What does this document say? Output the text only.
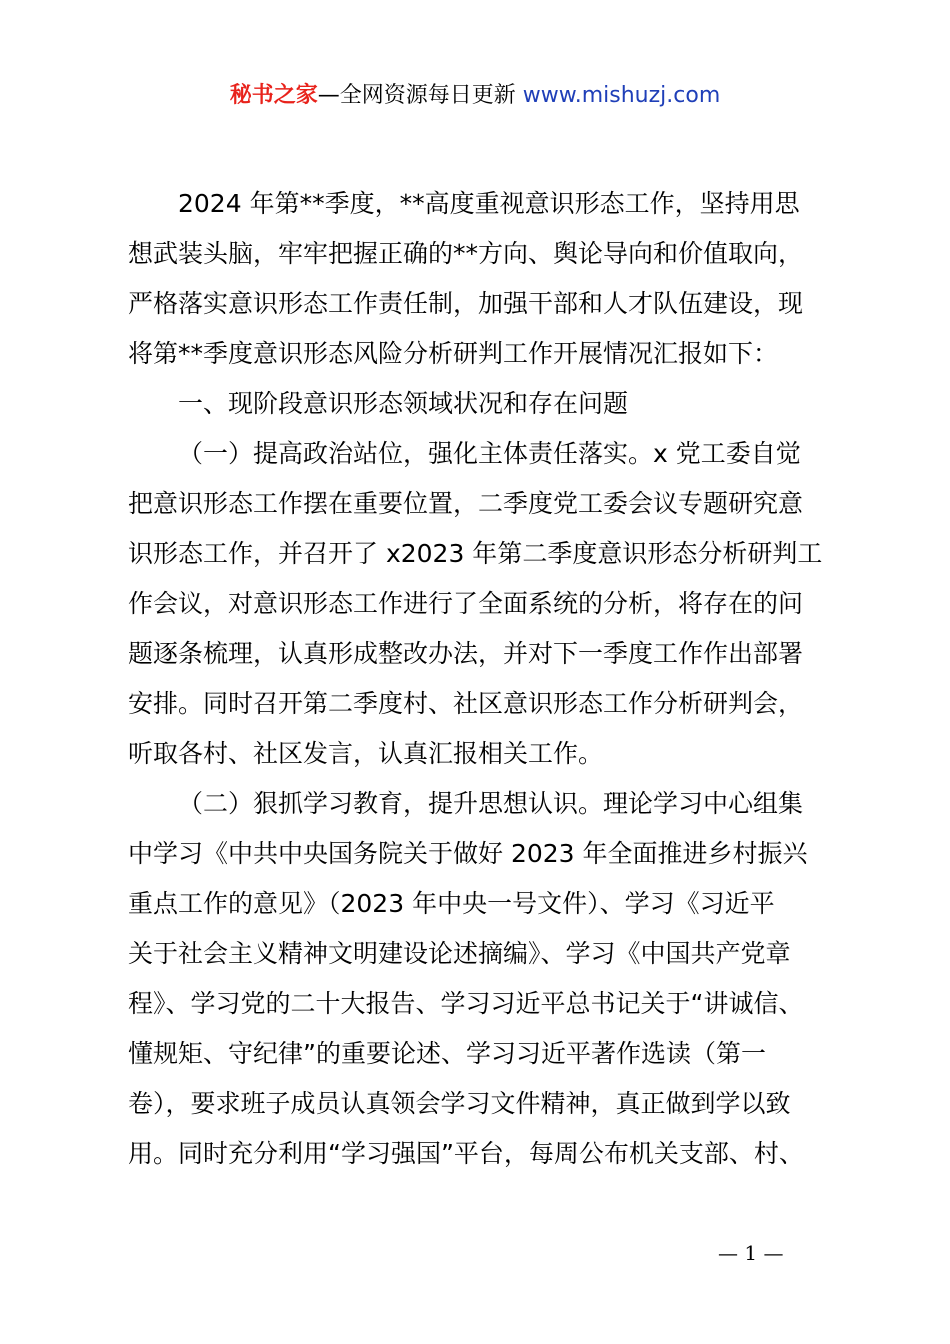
秘书之家—全网资源每日更新 www.mishuzj.com
2024 年第**季度，**高度重视意识形态工作，坚持用思
想武装头脑，牢牢把握正确的**方向、舆论导向和价值取向，
严格落实意识形态工作责任制，加强干部和人才队伍建设，现
将第**季度意识形态风险分析研判工作开展情况汇报如下：
一、现阶段意识形态领域状况和存在问题
（一）提高政治站位，强化主体责任落实。x 党工委自觉
把意识形态工作摆在重要位置，二季度党工委会议专题研究意
识形态工作，并召开了 x2023 年第二季度意识形态分析研判工
作会议，对意识形态工作进行了全面系统的分析，将存在的问
题逐条梳理，认真形成整改办法，并对下一季度工作作出部署
安排。同时召开第二季度村、社区意识形态工作分析研判会，
听取各村、社区发言，认真汇报相关工作。
（二）狠抓学习教育，提升思想认识。理论学习中心组集
中学习《中共中央国务院关于做好 2023 年全面推进乡村振兴
重点工作的意见》（2023 年中央一号文件）、学习《习近平
关于社会主义精神文明建设论述摘编》、学习《中国共产党章
程》、学习党的二十大报告、学习习近平总书记关于“讲诚信、
懂规矩、守纪律”的重要论述、学习习近平著作选读（第一
卷），要求班子成员认真领会学习文件精神，真正做到学以致
用。同时充分利用“学习强国”平台，每周公布机关支部、村、
— 1 —
